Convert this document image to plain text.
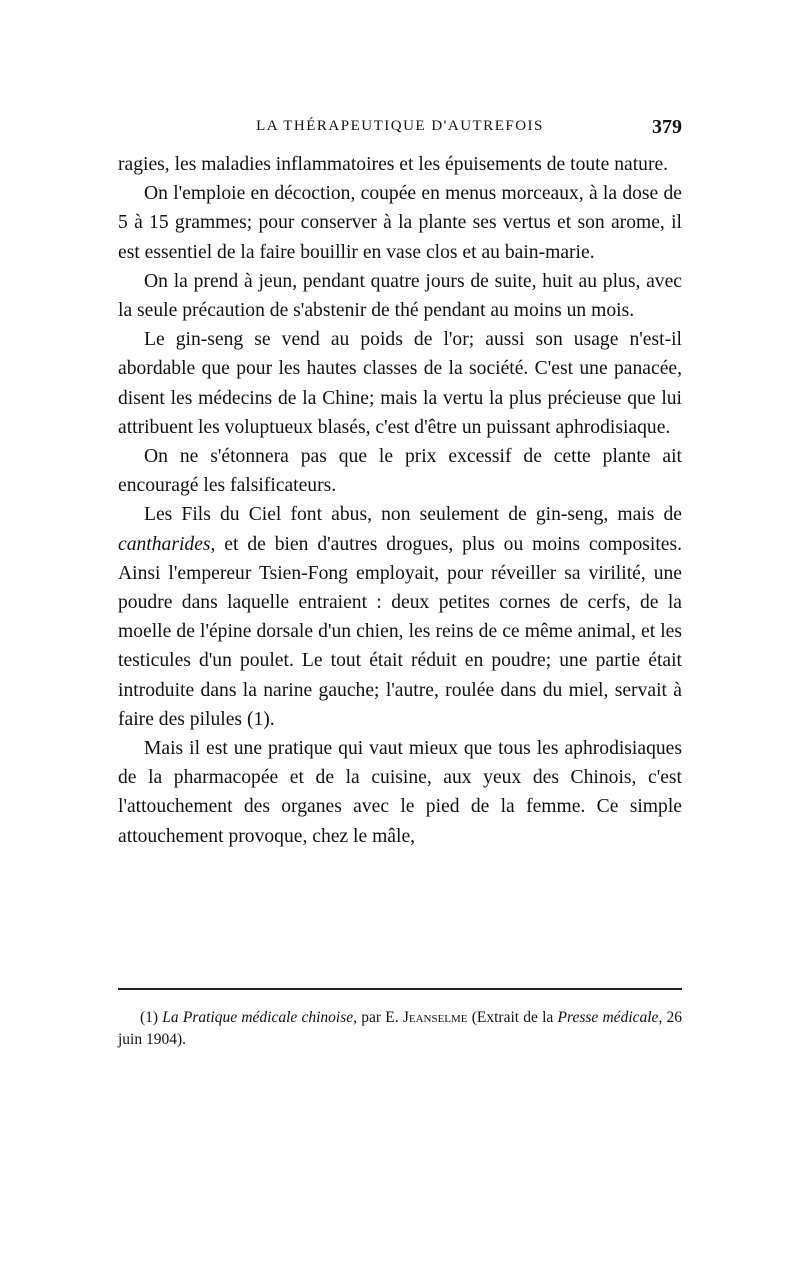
LA THÉRAPEUTIQUE D'AUTREFOIS	379

ragies, les maladies inflammatoires et les épuisements de toute nature.

On l'emploie en décoction, coupée en menus morceaux, à la dose de 5 à 15 grammes; pour conserver à la plante ses vertus et son arome, il est essentiel de la faire bouillir en vase clos et au bain-marie.

On la prend à jeun, pendant quatre jours de suite, huit au plus, avec la seule précaution de s'abstenir de thé pendant au moins un mois.

Le gin-seng se vend au poids de l'or; aussi son usage n'est-il abordable que pour les hautes classes de la société. C'est une panacée, disent les médecins de la Chine; mais la vertu la plus précieuse que lui attribuent les voluptueux blasés, c'est d'être un puissant aphrodisiaque.

On ne s'étonnera pas que le prix excessif de cette plante ait encouragé les falsificateurs.

Les Fils du Ciel font abus, non seulement de gin-seng, mais de cantharides, et de bien d'autres drogues, plus ou moins composites. Ainsi l'empereur Tsien-Fong employait, pour réveiller sa virilité, une poudre dans laquelle entraient : deux petites cornes de cerfs, de la moelle de l'épine dorsale d'un chien, les reins de ce même animal, et les testicules d'un poulet. Le tout était réduit en poudre; une partie était introduite dans la narine gauche; l'autre, roulée dans du miel, servait à faire des pilules (1).

Mais il est une pratique qui vaut mieux que tous les aphrodisiaques de la pharmacopée et de la cuisine, aux yeux des Chinois, c'est l'attouchement des organes avec le pied de la femme. Ce simple attouchement provoque, chez le mâle,

(1) La Pratique médicale chinoise, par E. Jeanselme (Extrait de la Presse médicale, 26 juin 1904).
